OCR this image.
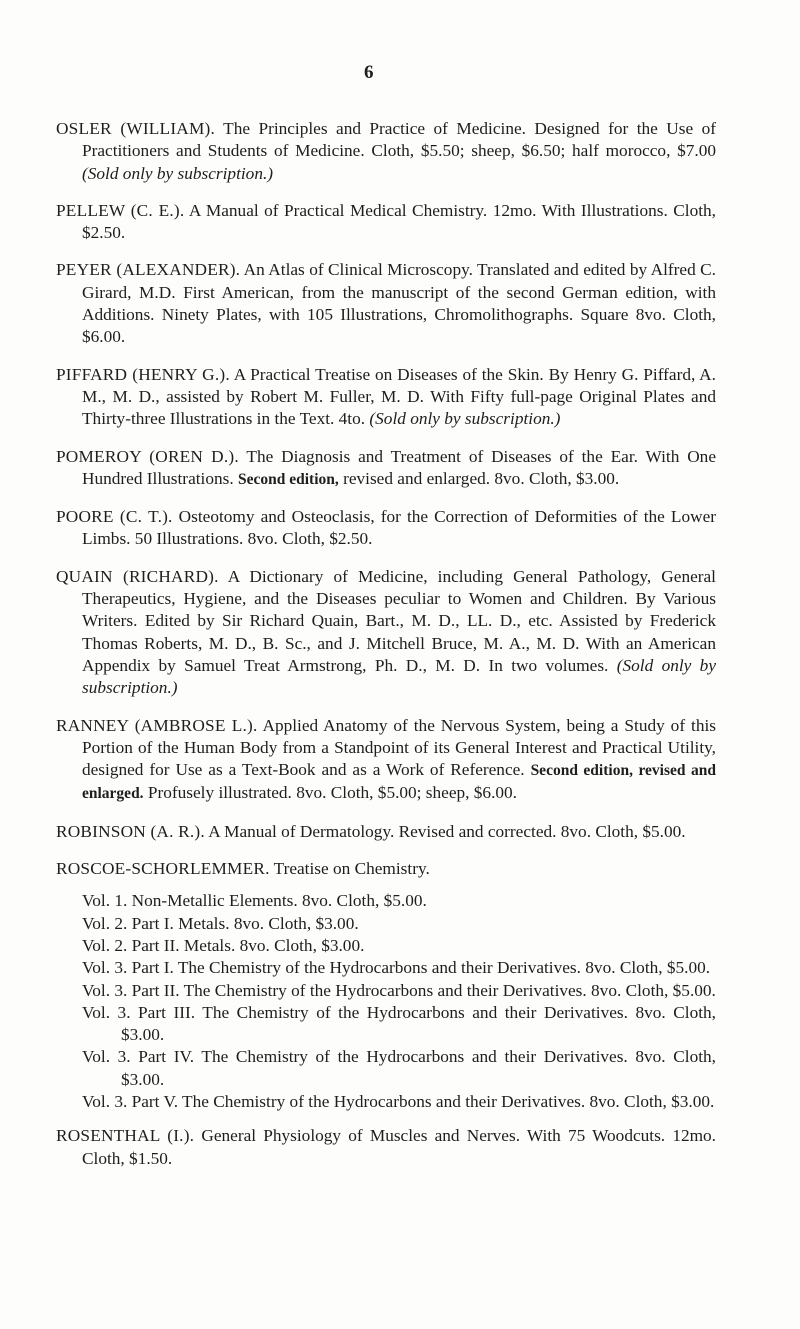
6

OSLER (WILLIAM). The Principles and Practice of Medicine. Designed for the Use of Practitioners and Students of Medicine. Cloth, $5.50; sheep, $6.50; half morocco, $7.00 (Sold only by subscription.)

PELLEW (C. E.). A Manual of Practical Medical Chemistry. 12mo. With Illustrations. Cloth, $2.50.

PEYER (ALEXANDER). An Atlas of Clinical Microscopy. Translated and edited by Alfred C. Girard, M.D. First American, from the manuscript of the second German edition, with Additions. Ninety Plates, with 105 Illustrations, Chromolithographs. Square 8vo. Cloth, $6.00.

PIFFARD (HENRY G.). A Practical Treatise on Diseases of the Skin. By Henry G. Piffard, A. M., M. D., assisted by Robert M. Fuller, M. D. With Fifty full-page Original Plates and Thirty-three Illustrations in the Text. 4to. (Sold only by subscription.)

POMEROY (OREN D.). The Diagnosis and Treatment of Diseases of the Ear. With One Hundred Illustrations. Second edition, revised and enlarged. 8vo. Cloth, $3.00.

POORE (C. T.). Osteotomy and Osteoclasis, for the Correction of Deformities of the Lower Limbs. 50 Illustrations. 8vo. Cloth, $2.50.

QUAIN (RICHARD). A Dictionary of Medicine, including General Pathology, General Therapeutics, Hygiene, and the Diseases peculiar to Women and Children. By Various Writers. Edited by Sir Richard Quain, Bart., M. D., LL. D., etc. Assisted by Frederick Thomas Roberts, M. D., B. Sc., and J. Mitchell Bruce, M. A., M. D. With an American Appendix by Samuel Treat Armstrong, Ph. D., M. D. In two volumes. (Sold only by subscription.)

RANNEY (AMBROSE L.). Applied Anatomy of the Nervous System, being a Study of this Portion of the Human Body from a Standpoint of its General Interest and Practical Utility, designed for Use as a Text-Book and as a Work of Reference. Second edition, revised and enlarged. Profusely illustrated. 8vo. Cloth, $5.00; sheep, $6.00.

ROBINSON (A. R.). A Manual of Dermatology. Revised and corrected. 8vo. Cloth, $5.00.

ROSCOE-SCHORLEMMER. Treatise on Chemistry.
Vol. 1. Non-Metallic Elements. 8vo. Cloth, $5.00.
Vol. 2. Part I. Metals. 8vo. Cloth, $3.00.
Vol. 2. Part II. Metals. 8vo. Cloth, $3.00.
Vol. 3. Part I. The Chemistry of the Hydrocarbons and their Derivatives. 8vo. Cloth, $5.00.
Vol. 3. Part II. The Chemistry of the Hydrocarbons and their Derivatives. 8vo. Cloth, $5.00.
Vol. 3. Part III. The Chemistry of the Hydrocarbons and their Derivatives. 8vo. Cloth, $3.00.
Vol. 3. Part IV. The Chemistry of the Hydrocarbons and their Derivatives. 8vo. Cloth, $3.00.
Vol. 3. Part V. The Chemistry of the Hydrocarbons and their Derivatives. 8vo. Cloth, $3.00.

ROSENTHAL (I.). General Physiology of Muscles and Nerves. With 75 Woodcuts. 12mo. Cloth, $1.50.
